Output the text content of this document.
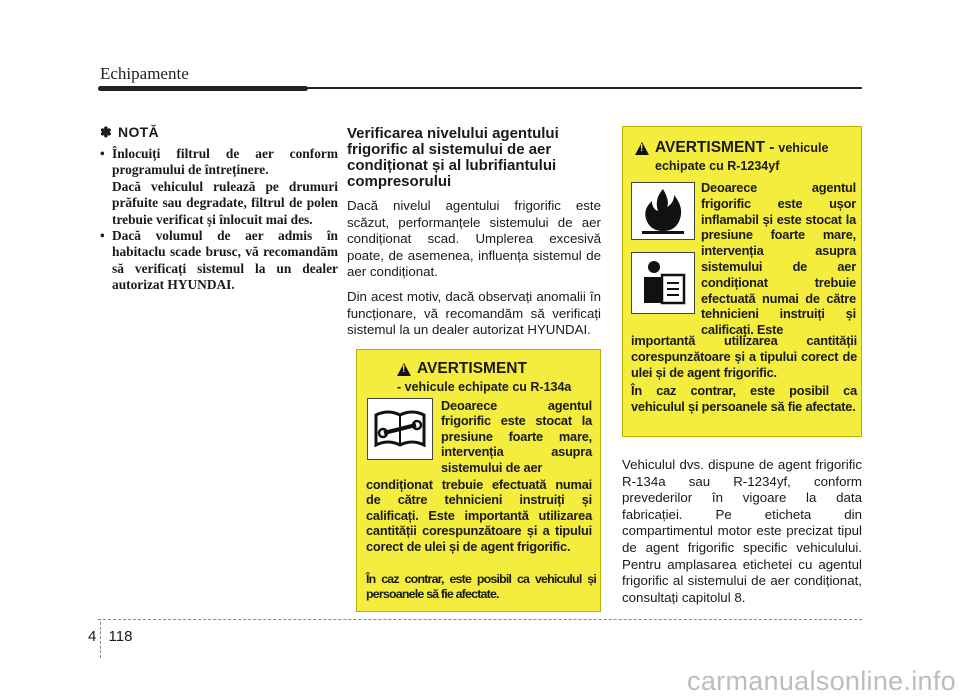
Echipamente
✽ NOTĂ
• Înlocuiți filtrul de aer conform programului de întreținere.

Dacă vehiculul rulează pe drumuri prăfuite sau degradate, filtrul de polen trebuie verificat și înlocuit mai des.

• Dacă volumul de aer admis în habitaclu scade brusc, vă recomandăm să verificați sistemul la un dealer autorizat HYUNDAI.

Verificarea nivelului agentului frigorific al sistemului de aer condiționat și al lubrifiantului compresorului

Dacă nivelul agentului frigorific este scăzut, performanțele sistemului de aer condiționat scad. Umplerea excesivă poate, de asemenea, influența sistemul de aer condiționat.

Din acest motiv, dacă observați anomalii în funcționare, vă recomandăm să verificați sistemul la un dealer autorizat HYUNDAI.

!
AVERTISMENT
- vehicule echipate cu R-134a

Deoarece agentul frigorific este stocat la presiune foarte mare, intervenția asupra sistemului de aer

condiționat trebuie efectuată numai de către tehnicieni instruiți și calificați. Este importantă utilizarea cantității corespunzătoare și a tipului corect de ulei și de agent frigorific.

În caz contrar, este posibil ca vehiculul și persoanele să fie afectate.

!
AVERTISMENT - vehicule
echipate cu R-1234yf

Deoarece agentul frigorific este ușor inflamabil și este stocat la presiune foarte mare, intervenția asupra sistemului de aer condiționat trebuie efectuată numai de către tehnicieni instruiți și calificați. Este

importantă utilizarea cantității corespunzătoare și a tipului corect de ulei și de agent frigorific.

În caz contrar, este posibil ca vehiculul și persoanele să fie afectate.

Vehiculul dvs. dispune de agent frigorific R-134a sau R-1234yf, conform prevederilor în vigoare la data fabricației. Pe eticheta din compartimentul motor este precizat tipul de agent frigorific specific vehiculului. Pentru amplasarea etichetei cu agentul frigorific al sistemului de aer condiționat, consultați capitolul 8.

4 118
carmanualsonline.info
